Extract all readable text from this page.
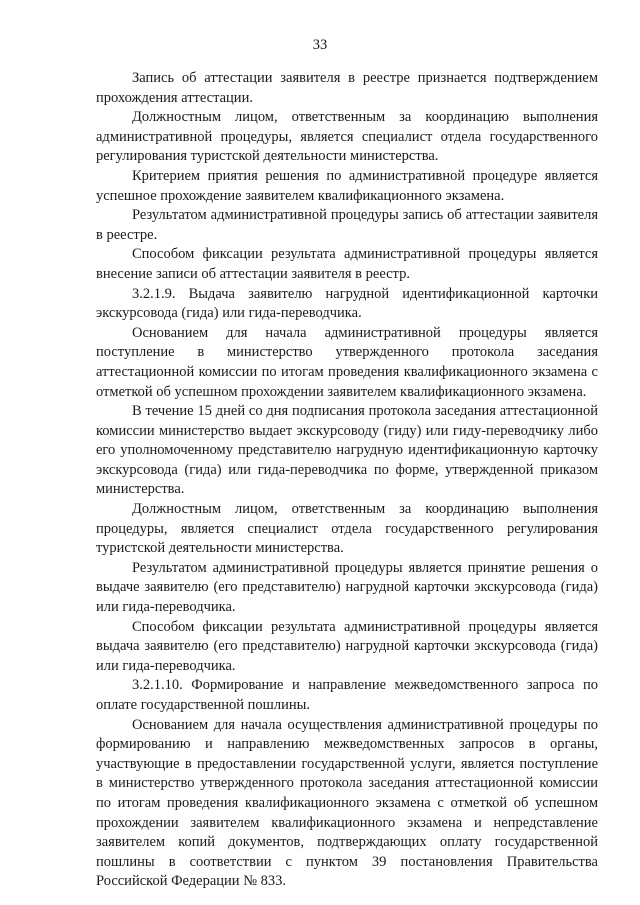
33

Запись об аттестации заявителя в реестре признается подтверждением прохождения аттестации.

Должностным лицом, ответственным за координацию выполнения административной процедуры, является специалист отдела государственного регулирования туристской деятельности министерства.

Критерием приятия решения по административной процедуре является успешное прохождение заявителем квалификационного экзамена.

Результатом административной процедуры запись об аттестации заявителя в реестре.

Способом фиксации результата административной процедуры является внесение записи об аттестации заявителя в реестр.

3.2.1.9. Выдача заявителю нагрудной идентификационной карточки экскурсовода (гида) или гида-переводчика.

Основанием для начала административной процедуры является поступление в министерство утвержденного протокола заседания аттестационной комиссии по итогам проведения квалификационного экзамена с отметкой об успешном прохождении заявителем квалификационного экзамена.

В течение 15 дней со дня подписания протокола заседания аттестационной комиссии министерство выдает экскурсоводу (гиду) или гиду-переводчику либо его уполномоченному представителю нагрудную идентификационную карточку экскурсовода (гида) или гида-переводчика по форме, утвержденной приказом министерства.

Должностным лицом, ответственным за координацию выполнения процедуры, является специалист отдела государственного регулирования туристской деятельности министерства.

Результатом административной процедуры является принятие решения о выдаче заявителю (его представителю) нагрудной карточки экскурсовода (гида) или гида-переводчика.

Способом фиксации результата административной процедуры является выдача заявителю (его представителю) нагрудной карточки экскурсовода (гида) или гида-переводчика.

3.2.1.10. Формирование и направление межведомственного запроса по оплате государственной пошлины.

Основанием для начала осуществления административной процедуры по формированию и направлению межведомственных запросов в органы, участвующие в предоставлении государственной услуги, является поступление в министерство утвержденного протокола заседания аттестационной комиссии по итогам проведения квалификационного экзамена с отметкой об успешном прохождении заявителем квалификационного экзамена и непредставление заявителем копий документов, подтверждающих оплату государственной пошлины в соответствии с пунктом 39 постановления Правительства Российской Федерации № 833.
